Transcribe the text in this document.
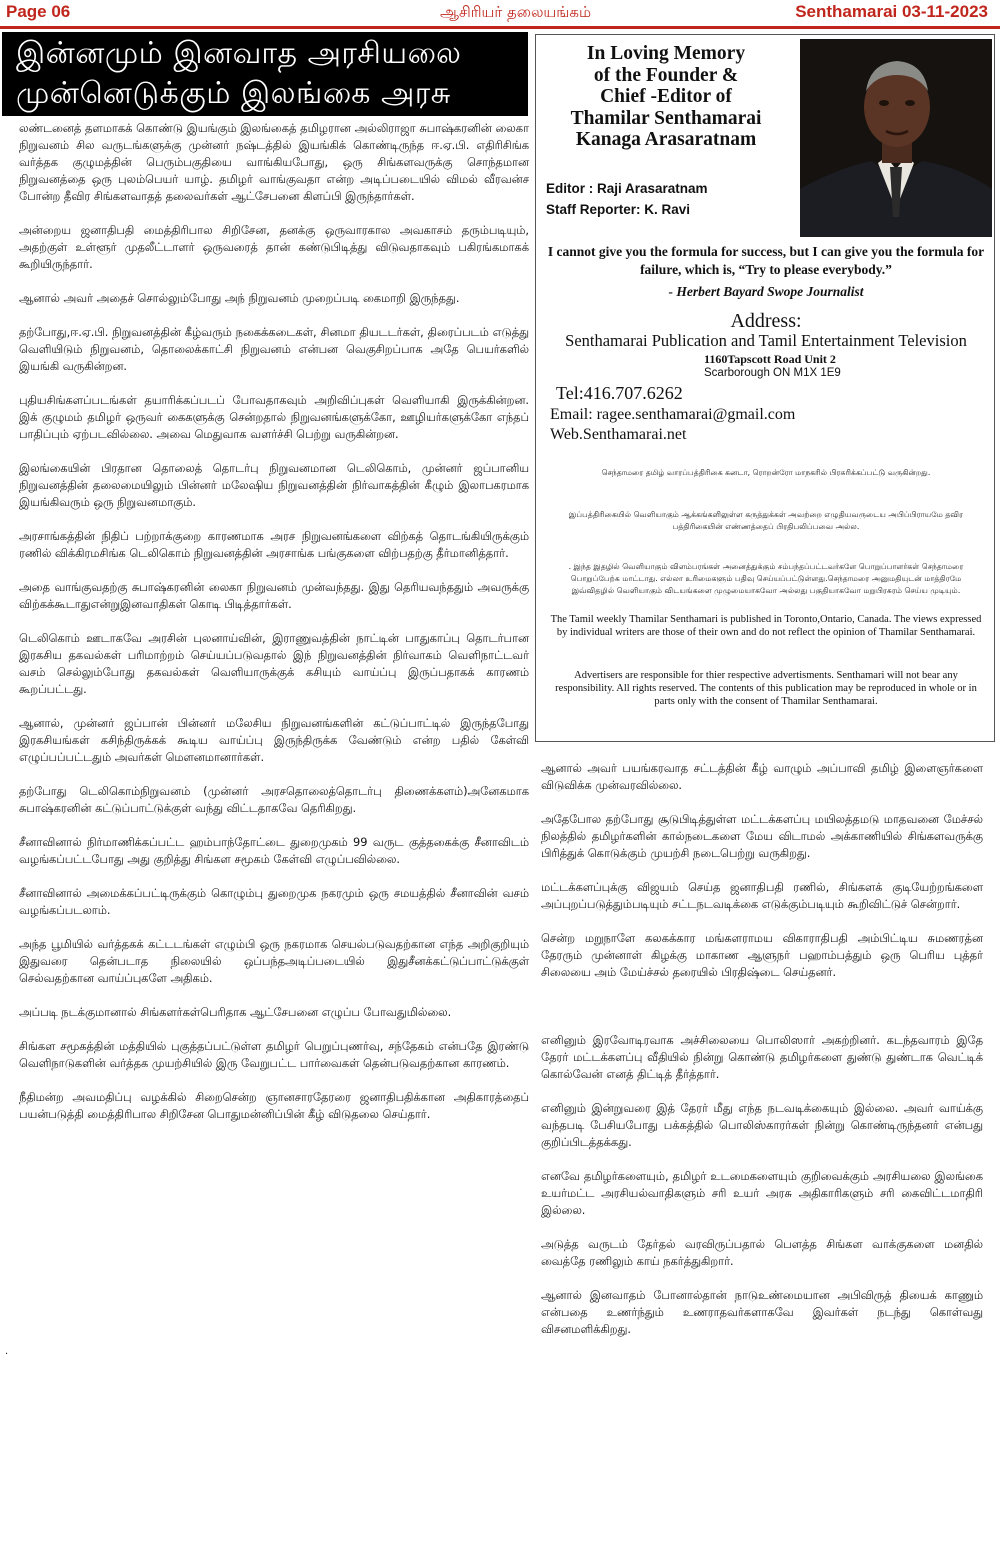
Page 06	ஆசிரியர் தலையங்கம்	Senthamarai 03-11-2023
இன்னமும் இனவாத அரசியலை
முன்னெடுக்கும் இலங்கை அரசு

லண்டனைத் தளமாகக் கொண்டு இயங்கும் இலங்கைத் தமிழரான அல்லிராஜா சுபாஷ்கரனின் லைகா நிறுவனம் சில வருடங்களுக்கு முன்னர் நஷ்டத்தில் இயங்கிக் கொண்டிருந்த ஈ.ஏ.பி. எதிரிசிங்க வர்த்தக குழுமத்தின் பெரும்பகுதியை வாங்கியபோது, ஒரு சிங்களவருக்கு சொந்தமான நிறுவனத்தை ஒரு புலம்பெயர் யாழ். தமிழர் வாங்குவதா என்ற அடிப்படையில் விமல் வீரவன்ச போன்ற தீவிர சிங்களவாதத் தலைவர்கள் ஆட்சேபனை கிளப்பி இருந்தார்கள்.

அன்றைய ஜனாதிபதி மைத்திரிபால சிறிசேன, தனக்கு ஒருவாரகால அவகாசம் தரும்படியும், அதற்குள் உள்ளூர் முதலீட்டாளர் ஒருவரைத் தான் கண்டுபிடித்து விடுவதாகவும் பகிரங்கமாகக் கூறியிருந்தார்.

ஆனால் அவர் அதைச் சொல்லும்போது அந் நிறுவனம் முறைப்படி கைமாறி இருந்தது.

தற்போது,ஈ.ஏ.பி. நிறுவனத்தின் கீழ்வரும் நகைக்கடைகள், சினமா தியடடர்கள், திரைப்படம் எடுத்து வெளியிடும் நிறுவனம், தொலைக்காட்சி நிறுவனம் என்பன வெகுசிறப்பாக அதே பெயர்களில் இயங்கி வருகின்றன.

புதியசிங்களப்படங்கள் தயாரிக்கப்படப் போவதாகவும் அறிவிப்புகள் வெளியாகி இருக்கின்றன. இக் குழுமம் தமிழர் ஒருவர் கைகளுக்கு சென்றதால் நிறுவனங்களுக்கோ, ஊழியர்களுக்கோ எந்தப் பாதிப்பும் ஏற்படவில்லை. அவை மெதுவாக வளர்ச்சி பெற்று வருகின்றன.

இலங்கையின் பிரதான தொலைத் தொடர்பு நிறுவனமான டெலிகொம், முன்னர் ஜப்பானிய நிறுவனத்தின் தலைமையிலும் பின்னர் மலேஷிய நிறுவனத்தின் நிர்வாகத்தின் கீழும் இலாபகரமாக இயங்கிவரும் ஒரு நிறுவனமாகும்.

அரசாங்கத்தின் நிதிப் பற்றாக்குறை காரணமாக அரச நிறுவனங்களை விற்கத் தொடங்கியிருக்கும் ரணில் விக்கிரமசிங்க டெலிகொம் நிறுவனத்தின் அரசாங்க பங்குகளை விற்பதற்கு தீர்மானித்தார்.

அதை வாங்குவதற்கு சுபாஷ்கரனின் லைகா நிறுவனம் முன்வந்தது. இது தெரியவந்ததும் அவருக்கு விற்கக்கூடாதுஎன்றுஇனவாதிகள் கொடி பிடித்தார்கள்.

டெலிகொம் ஊடாகவே அரசின் புலனாய்வின், இராணுவத்தின் நாட்டின் பாதுகாப்பு தொடர்பான இரகசிய தகவல்கள் பரிமாற்றம் செய்யப்படுவதால் இந் நிறுவனத்தின் நிர்வாகம் வெளிநாட்டவர் வசம் செல்லும்போது தகவல்கள் வெளியாருக்குக் கசியும் வாய்ப்பு இருப்பதாகக் காரணம் கூறப்பட்டது.

ஆனால், முன்னர் ஜப்பான் பின்னர் மலேசிய நிறுவனங்களின் கட்டுப்பாட்டில் இருந்தபோது இரகசியங்கள் கசிந்திருக்கக் கூடிய வாய்ப்பு இருந்திருக்க வேண்டும் என்ற பதில் கேள்வி எழுப்பப்பட்டதும் அவர்கள் மௌனமானார்கள்.

தற்போது டெலிகொம்நிறுவனம் (முன்னர் அரசதொலைத்தொடர்பு திணைக்களம்)அனேகமாக சுபாஷ்கரனின் கட்டுப்பாட்டுக்குள் வந்து விட்டதாகவே தெரிகிறது.

சீனாவினால் நிர்மாணிக்கப்பட்ட ஹம்பாந்தோட்டை துறைமுகம் 99 வருட குத்தகைக்கு சீனாவிடம் வழங்கப்பட்டபோது அது குறித்து சிங்கள சமூகம் கேள்வி எழுப்பவில்லை.

சீனாவினால் அமைக்கப்பட்டிருக்கும் கொழும்பு துறைமுக நகரமும் ஒரு சமயத்தில் சீனாவின் வசம் வழங்கப்படலாம்.

அந்த பூமியில் வர்த்தகக் கட்டடங்கள் எழும்பி ஒரு நகரமாக செயல்படுவதற்கான எந்த அறிகுறியும் இதுவரை தென்படாத நிலையில் ஒப்பந்தஅடிப்படையில் இதுசீனக்கட்டுப்பாட்டுக்குள் செல்வதற்கான வாய்ப்புகளே அதிகம்.

அப்படி நடக்குமானால் சிங்களர்கள்பெரிதாக ஆட்சேபனை எழுப்ப போவதுமில்லை.

சிங்கள சமூகத்தின் மத்தியில் புகுத்தப்பட்டுள்ள தமிழர் பெறுப்புணர்வு, சந்தேகம் என்பதே இரண்டு வெளிநாடுகளின் வர்த்தக முயற்சியில் இரு வேறுபட்ட பார்வைகள் தென்படுவதற்கான காரணம்.

நீதிமன்ற அவமதிப்பு வழக்கில் சிறைசென்ற ஞானசாரதேரரை ஜனாதிபதிக்கான அதிகாரத்தைப் பயன்படுத்தி மைத்திரிபால சிறிசேன பொதுமன்னிப்பின் கீழ் விடுதலை செய்தார்.

.
In Loving Memory
of the Founder &
Chief -Editor of
Thamilar Senthamarai
Kanaga Arasaratnam
Editor : Raji Arasaratnam
Staff Reporter: K. Ravi
I cannot give you the formula for success, but I can give you the formula for failure, which is, “Try to please everybody.”
- Herbert Bayard Swope Journalist
Address:
Senthamarai Publication and Tamil Entertainment Television
1160Tapscott Road Unit 2
Scarborough ON M1X 1E9
Tel:416.707.6262
Email: ragee.senthamarai@gmail.com
Web.Senthamarai.net
செந்தாமரை தமிழ் வாரப்பத்திரிகை கனடா, ரொறன்ரோ மாநகரில் பிரசுரிக்கப்பட்டு வருகின்றது.
இப்பத்திரிகையில் வெளியாகும் ஆக்கங்களிலுள்ள கருத்துக்கள் அவற்றை எழுதியவருடைய அபிப்பிராயமே தவிர பத்திரிகையின் எண்ணத்தைப் பிரதிபலிப்பவை அல்ல.
. இந்த இதழில் வெளியாகும் விளம்பரங்கள் அனைத்துக்கும் சம்பந்தப்பட்டவர்களே பொறுப்பாளர்கள் செந்தாமரை பொறுப்பேற்க மாட்டாது. எல்லா உரிமைகளும் பதிவு செய்யப்பட்டுள்ளது.செந்தாமரை அனுமதியுடன் மாத்திரமே இவ்விதழில் வெளியாகும் விடயங்களை முழுமையாகவோ அல்லது பகுதியாகவோ மறுபிரசுரம் செய்ய முடியும்.
The Tamil weekly Thamilar Senthamari is published in Toronto,Ontario, Canada. The views expressed by individual writers are those of their own and do not reflect the opinion of Thamilar Senthamarai.
Advertisers are responsible for thier respective advertisments. Senthamari will not bear any responsibility. All rights reserved. The contents of this publication may be reproduced in whole or in parts only with the consent of Thamilar Senthamarai.

ஆனால் அவர் பயங்கரவாத சட்டத்தின் கீழ் வாழும் அப்பாவி தமிழ் இளைஞர்களை விடுவிக்க முன்வரவில்லை.

அதேபோல தற்போது சூடுபிடித்துள்ள மட்டக்களப்பு மயிலத்தமடு மாதவனை மேச்சல் நிலத்தில் தமிழர்களின் கால்நடைகளை மேய விடாமல் அக்காணியில் சிங்களவருக்கு பிரித்துக் கொடுக்கும் முயற்சி நடைபெற்று வருகிறது.

மட்டக்களப்புக்கு விஜயம் செய்த ஜனாதிபதி ரணில், சிங்களக் குடியேற்றங்களை அப்புறப்படுத்தும்படியும் சட்டநடவடிக்கை எடுக்கும்படியும் கூறிவிட்டுச் சென்றார்.

சென்ற மறுநாளே கலகக்கார மங்களராமய விகாராதிபதி அம்பிட்டிய சுமணரத்ன தேரரும் முன்னாள் கிழக்கு மாகாண ஆளுநர் பஹாம்பத்தும் ஒரு பெரிய புத்தர் சிலையை அம் மேய்ச்சல் தரையில் பிரதிஷ்டை செய்தனர்.

எனினும் இரவோடிரவாக அச்சிலையை பொலிஸார் அகற்றினர். கடந்தவாரம் இதே தேரர் மட்டக்களப்பு வீதியில் நின்று கொண்டு தமிழர்களை துண்டு துண்டாக வெட்டிக் கொல்வேன் எனத் திட்டித் தீர்த்தார்.

எனினும் இன்றுவரை இத் தேரர் மீது எந்த நடவடிக்கையும் இல்லை. அவர் வாய்க்கு வந்தபடி பேசியபோது பக்கத்தில் பொலிஸ்காரர்கள் நின்று கொண்டிருந்தனர் என்பது குறிப்பிடத்தக்கது.

எனவே தமிழர்களையும், தமிழர் உடமைகளையும் குறிவைக்கும் அரசியலை இலங்கை உயர்மட்ட அரசியல்வாதிகளும் சரி உயர் அரசு அதிகாரிகளும் சரி கைவிட்டமாதிரி இல்லை.

அடுத்த வருடம் தேர்தல் வரவிருப்பதால் பௌத்த சிங்கள வாக்குகளை மனதில் வைத்தே ரணிலும் காய் நகர்த்துகிறார்.

ஆனால் இனவாதம் போனால்தான் நாடுஉண்மையான அபிவிருத் தியைக் காணும் என்பதை உணர்ந்தும் உணராதவர்களாகவே இவர்கள் நடந்து கொள்வது விசனமளிக்கிறது.
